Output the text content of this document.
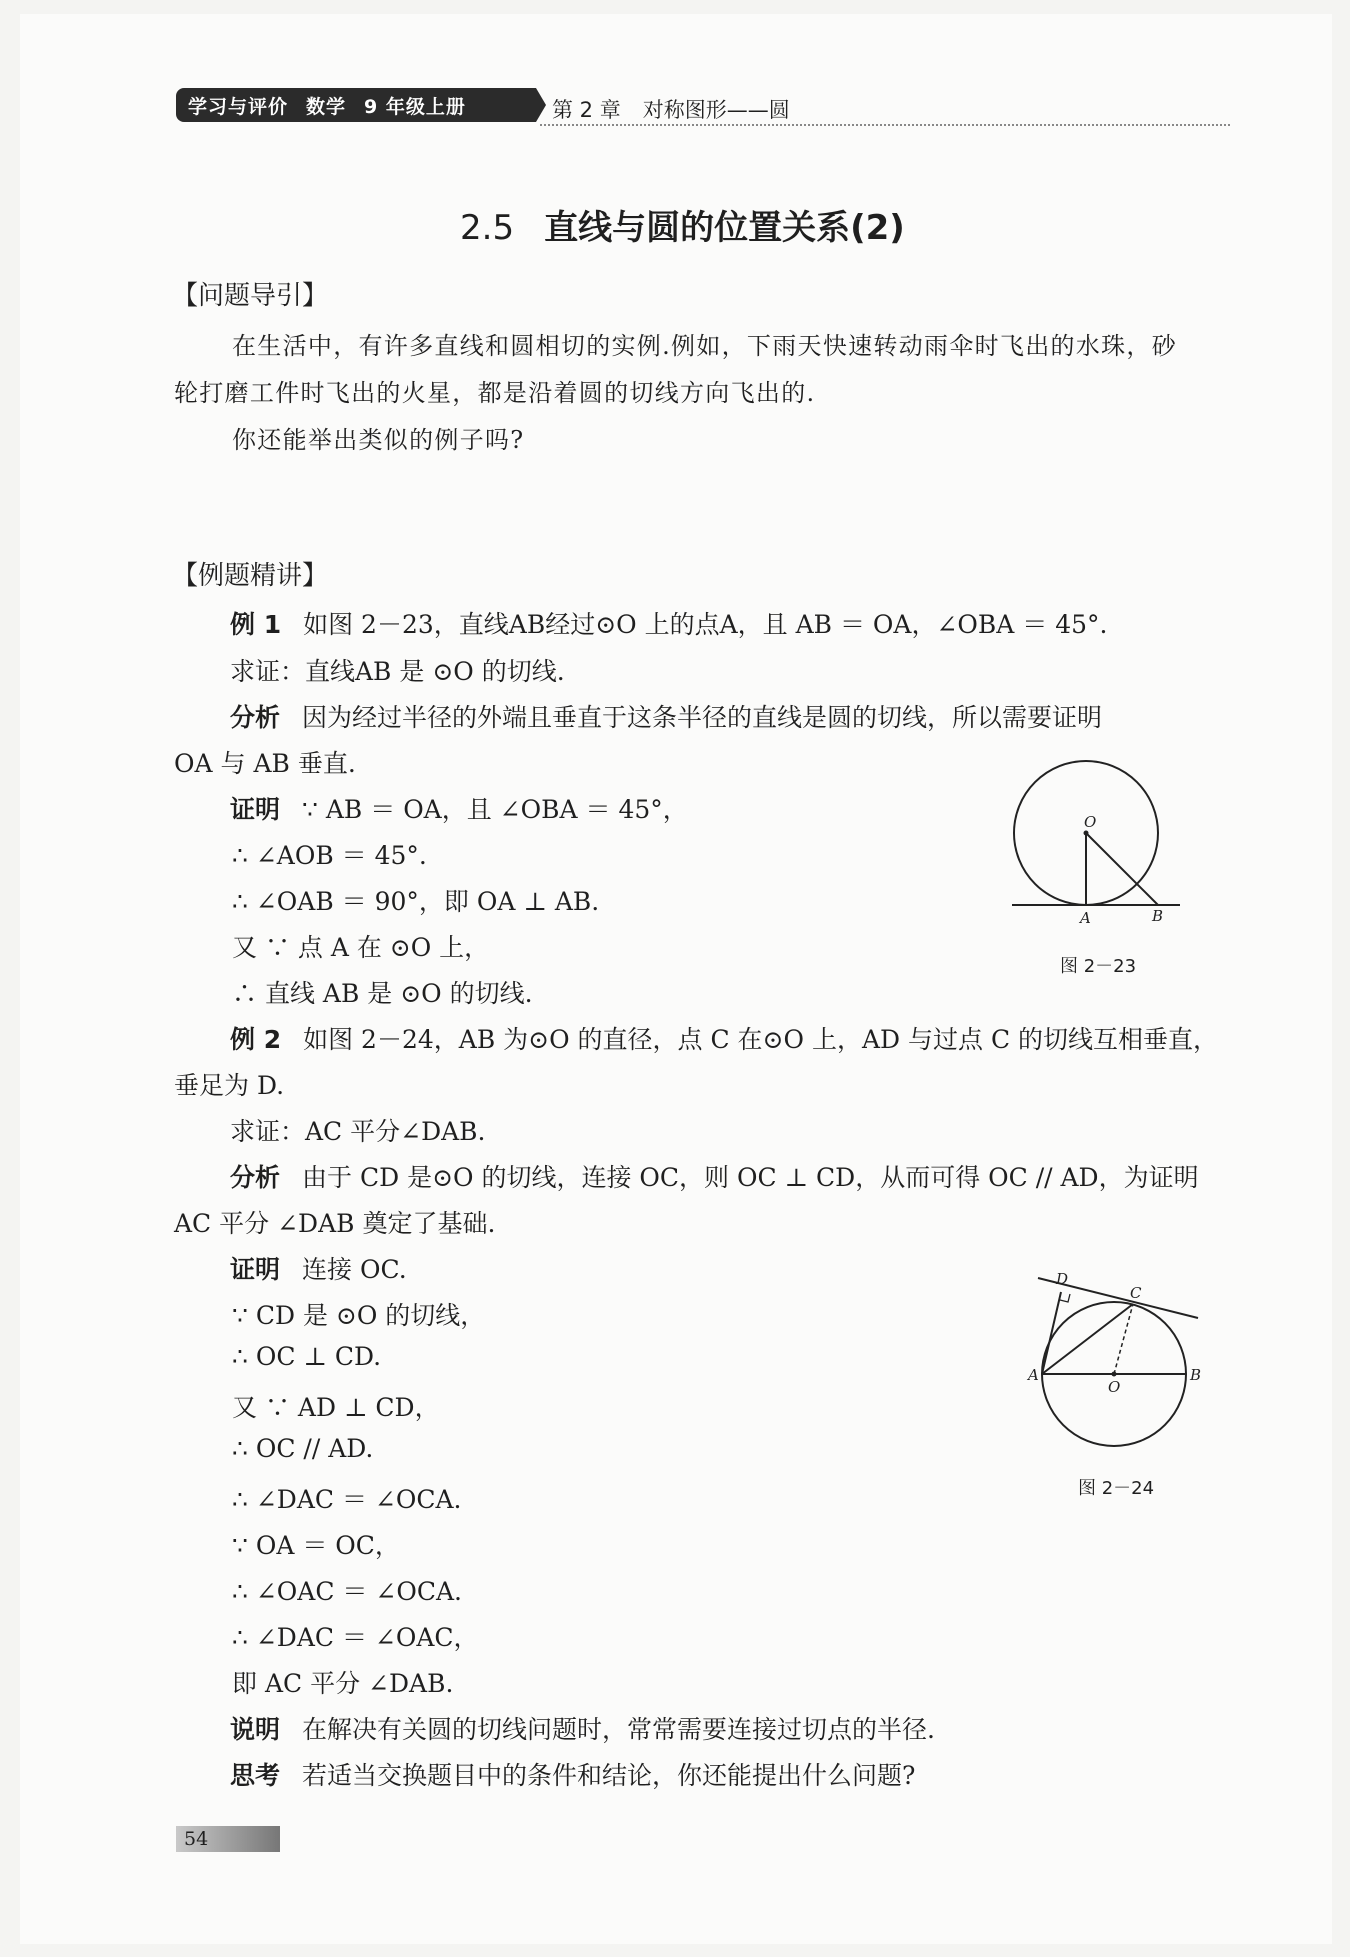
学习与评价 数学 9 年级上册	第 2 章 对称图形——圆
2.5 直线与圆的位置关系(2)
【问题导引】
在生活中，有许多直线和圆相切的实例.例如，下雨天快速转动雨伞时飞出的水珠，砂
轮打磨工件时飞出的火星，都是沿着圆的切线方向飞出的.
你还能举出类似的例子吗?
【例题精讲】
例 1 如图 2－23，直线AB经过⊙O 上的点A，且 AB ＝ OA，∠OBA ＝ 45°.
求证：直线AB 是 ⊙O 的切线.
分析 因为经过半径的外端且垂直于这条半径的直线是圆的切线，所以需要证明
OA 与 AB 垂直.
证明 ∵ AB ＝ OA，且 ∠OBA ＝ 45°，
∴ ∠AOB ＝ 45°.
∴ ∠OAB ＝ 90°，即 OA ⊥ AB.
又 ∵ 点 A 在 ⊙O 上，
∴ 直线 AB 是 ⊙O 的切线.
O
A	B
图 2－23
例 2 如图 2－24，AB 为⊙O 的直径，点 C 在⊙O 上，AD 与过点 C 的切线互相垂直，
垂足为 D.
求证：AC 平分∠DAB.
分析 由于 CD 是⊙O 的切线，连接 OC，则 OC ⊥ CD，从而可得 OC // AD，为证明
AC 平分 ∠DAB 奠定了基础.
证明 连接 OC.
∵ CD 是 ⊙O 的切线，
∴ OC ⊥ CD.
又 ∵ AD ⊥ CD，
∴ OC // AD.
∴ ∠DAC ＝ ∠OCA.
∵ OA ＝ OC，
∴ ∠OAC ＝ ∠OCA.
∴ ∠DAC ＝ ∠OAC，
即 AC 平分 ∠DAB.
说明 在解决有关圆的切线问题时，常常需要连接过切点的半径.
思考 若适当交换题目中的条件和结论，你还能提出什么问题?
D
C
A
O
B
图 2－24
54
